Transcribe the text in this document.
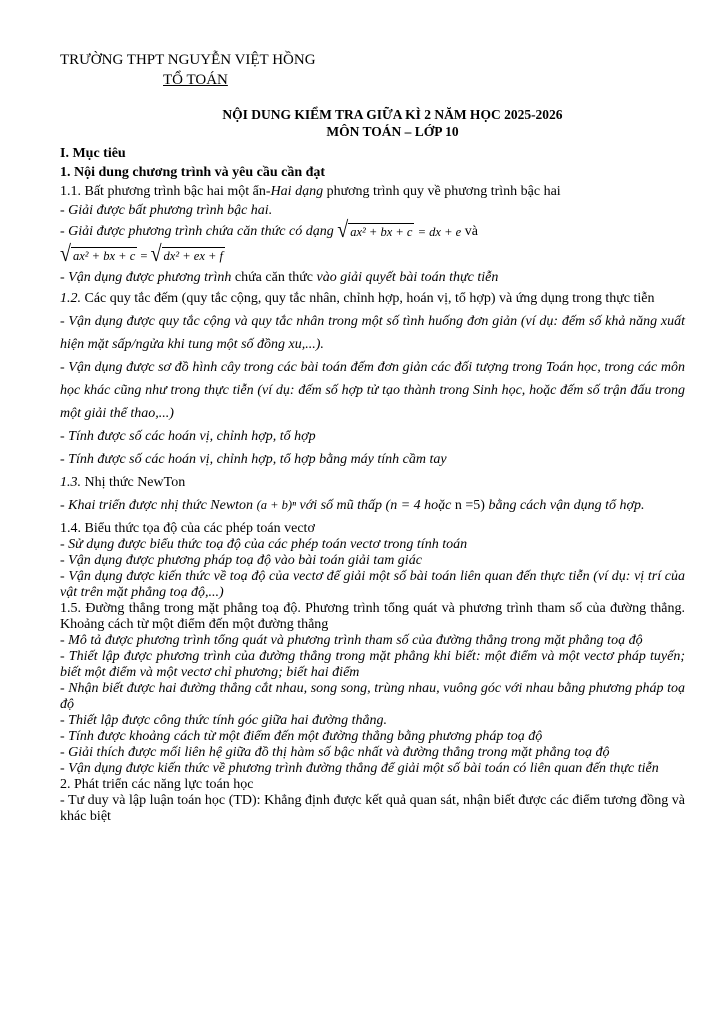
TRƯỜNG THPT NGUYỄN VIỆT HỒNG
TỔ TOÁN
NỘI DUNG KIỂM TRA GIỮA KÌ 2 NĂM HỌC 2025-2026
MÔN TOÁN – LỚP 10
I. Mục tiêu
1. Nội dung chương trình và yêu cầu cần đạt
1.1. Bất phương trình bậc hai một ẩn-Hai dạng phương trình quy về phương trình bậc hai
- Giải được bất phương trình bậc hai.
- Giải được phương trình chứa căn thức có dạng √ ax² + bx + c = dx + e và
√ ax² + bx + c = √ dx² + ex + f
- Vận dụng được phương trình chứa căn thức vào giải quyết bài toán thực tiễn
1.2. Các quy tắc đếm (quy tắc cộng, quy tắc nhân, chỉnh hợp, hoán vị, tổ hợp) và ứng dụng trong thực tiễn
- Vận dụng được quy tắc cộng và quy tắc nhân trong một số tình huống đơn giản (ví dụ: đếm số khả năng xuất hiện mặt sấp/ngửa khi tung một số đồng xu,...).
- Vận dụng được sơ đồ hình cây trong các bài toán đếm đơn giản các đối tượng trong Toán học, trong các môn học khác cũng như trong thực tiễn (ví dụ: đếm số hợp tử tạo thành trong Sinh học, hoặc đếm số trận đấu trong một giải thể thao,...)
- Tính được số các hoán vị, chỉnh hợp, tổ hợp
- Tính được số các hoán vị, chỉnh hợp, tổ hợp bằng máy tính cầm tay
1.3. Nhị thức NewTon
- Khai triển được nhị thức Newton (a + b)ⁿ với số mũ thấp (n = 4 hoặc n =5) bằng cách vận dụng tổ hợp.
1.4. Biểu thức tọa độ của các phép toán vectơ
- Sử dụng được biểu thức toạ độ của các phép toán vectơ trong tính toán
- Vận dụng được phương pháp toạ độ vào bài toán giải tam giác
- Vận dụng được kiến thức về toạ độ của vectơ để giải một số bài toán liên quan đến thực tiễn (ví dụ: vị trí của vật trên mặt phẳng toạ độ,...)
1.5. Đường thẳng trong mặt phẳng toạ độ. Phương trình tổng quát và phương trình tham số của đường thẳng. Khoảng cách từ một điểm đến một đường thẳng
- Mô tả được phương trình tổng quát và phương trình tham số của đường thẳng trong mặt phẳng toạ độ
- Thiết lập được phương trình của đường thẳng trong mặt phẳng khi biết: một điểm và một vectơ pháp tuyến; biết một điểm và một vectơ chỉ phương; biết hai điểm
- Nhận biết được hai đường thẳng cắt nhau, song song, trùng nhau, vuông góc với nhau bằng phương pháp toạ độ
- Thiết lập được công thức tính góc giữa hai đường thẳng.
- Tính được khoảng cách từ một điểm đến một đường thẳng bằng phương pháp toạ độ
- Giải thích được mối liên hệ giữa đồ thị hàm số bậc nhất và đường thẳng trong mặt phẳng toạ độ
- Vận dụng được kiến thức về phương trình đường thẳng để giải một số bài toán có liên quan đến thực tiễn
2. Phát triển các năng lực toán học
- Tư duy và lập luận toán học (TD): Khẳng định được kết quả quan sát, nhận biết được các điểm tương đồng và khác biệt
